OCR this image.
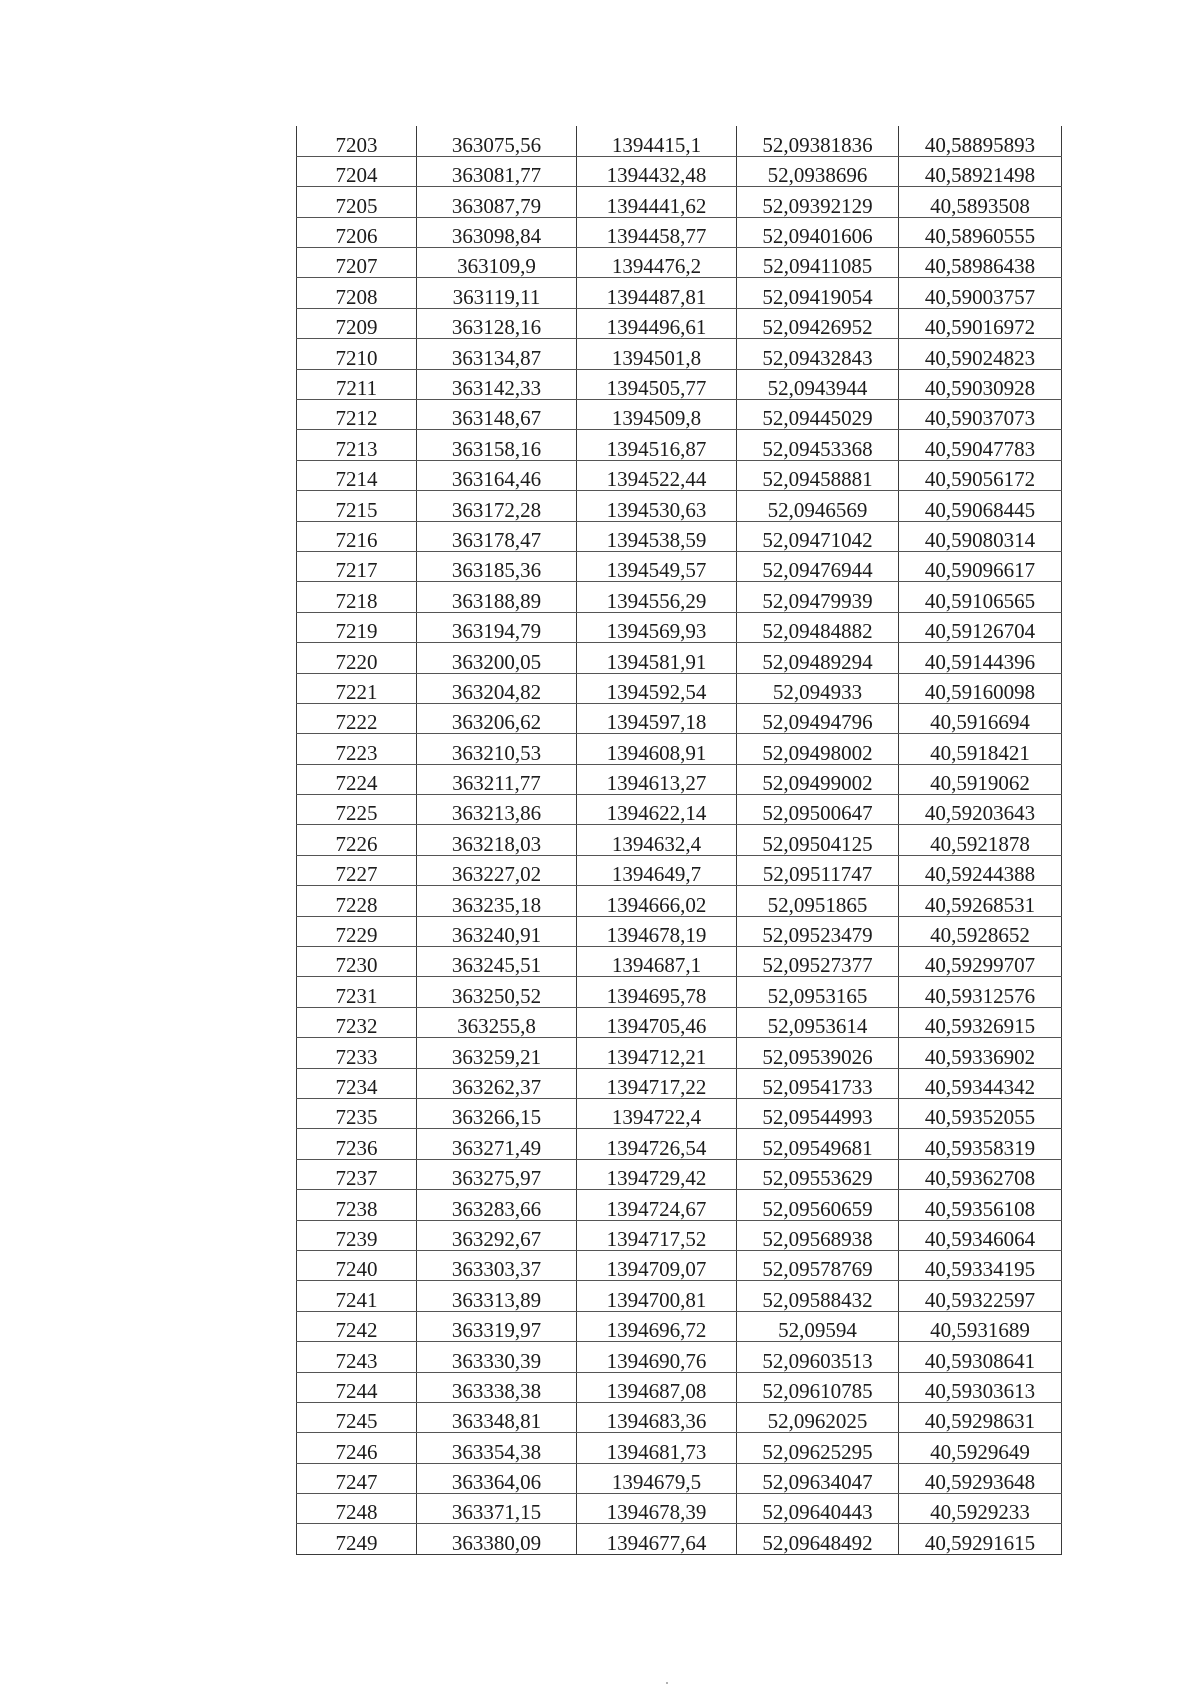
7203	363075,56	1394415,1	52,09381836	40,58895893
7204	363081,77	1394432,48	52,0938696	40,58921498
7205	363087,79	1394441,62	52,09392129	40,5893508
7206	363098,84	1394458,77	52,09401606	40,58960555
7207	363109,9	1394476,2	52,09411085	40,58986438
7208	363119,11	1394487,81	52,09419054	40,59003757
7209	363128,16	1394496,61	52,09426952	40,59016972
7210	363134,87	1394501,8	52,09432843	40,59024823
7211	363142,33	1394505,77	52,0943944	40,59030928
7212	363148,67	1394509,8	52,09445029	40,59037073
7213	363158,16	1394516,87	52,09453368	40,59047783
7214	363164,46	1394522,44	52,09458881	40,59056172
7215	363172,28	1394530,63	52,0946569	40,59068445
7216	363178,47	1394538,59	52,09471042	40,59080314
7217	363185,36	1394549,57	52,09476944	40,59096617
7218	363188,89	1394556,29	52,09479939	40,59106565
7219	363194,79	1394569,93	52,09484882	40,59126704
7220	363200,05	1394581,91	52,09489294	40,59144396
7221	363204,82	1394592,54	52,094933	40,59160098
7222	363206,62	1394597,18	52,09494796	40,5916694
7223	363210,53	1394608,91	52,09498002	40,5918421
7224	363211,77	1394613,27	52,09499002	40,5919062
7225	363213,86	1394622,14	52,09500647	40,59203643
7226	363218,03	1394632,4	52,09504125	40,5921878
7227	363227,02	1394649,7	52,09511747	40,59244388
7228	363235,18	1394666,02	52,0951865	40,59268531
7229	363240,91	1394678,19	52,09523479	40,5928652
7230	363245,51	1394687,1	52,09527377	40,59299707
7231	363250,52	1394695,78	52,0953165	40,59312576
7232	363255,8	1394705,46	52,0953614	40,59326915
7233	363259,21	1394712,21	52,09539026	40,59336902
7234	363262,37	1394717,22	52,09541733	40,59344342
7235	363266,15	1394722,4	52,09544993	40,59352055
7236	363271,49	1394726,54	52,09549681	40,59358319
7237	363275,97	1394729,42	52,09553629	40,59362708
7238	363283,66	1394724,67	52,09560659	40,59356108
7239	363292,67	1394717,52	52,09568938	40,59346064
7240	363303,37	1394709,07	52,09578769	40,59334195
7241	363313,89	1394700,81	52,09588432	40,59322597
7242	363319,97	1394696,72	52,09594	40,5931689
7243	363330,39	1394690,76	52,09603513	40,59308641
7244	363338,38	1394687,08	52,09610785	40,59303613
7245	363348,81	1394683,36	52,0962025	40,59298631
7246	363354,38	1394681,73	52,09625295	40,5929649
7247	363364,06	1394679,5	52,09634047	40,59293648
7248	363371,15	1394678,39	52,09640443	40,5929233
7249	363380,09	1394677,64	52,09648492	40,59291615
